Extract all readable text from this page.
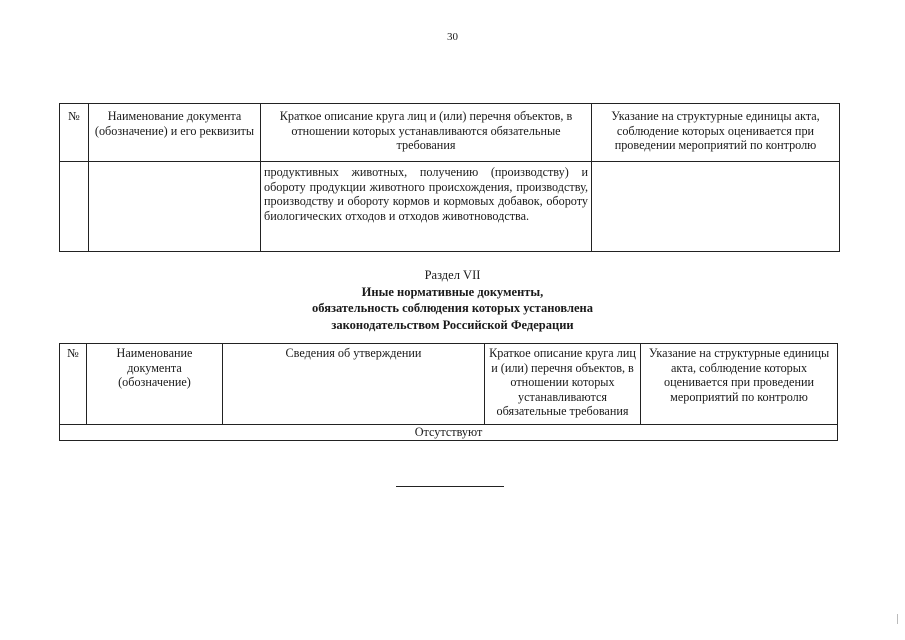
30
№	Наименование документа (обозначение) и его реквизиты	Краткое описание круга лиц и (или) перечня объектов, в отношении которых устанавливаются обязательные требования	Указание на структурные единицы акта, соблюдение которых оценивается при проведении мероприятий по контролю
		продуктивных животных, получению (производству) и обороту продукции животного происхождения, производству, производству и обороту кормов и кормовых добавок, обороту биологических отходов и отходов животноводства.	
Раздел VII
Иные нормативные документы,
обязательность соблюдения которых установлена
законодательством Российской Федерации
№	Наименование документа (обозначение)	Сведения об утверждении	Краткое описание круга лиц и (или) перечня объектов, в отношении которых устанавливаются обязательные требования	Указание на структурные единицы акта, соблюдение которых оценивается при проведении мероприятий по контролю
Отсутствуют
